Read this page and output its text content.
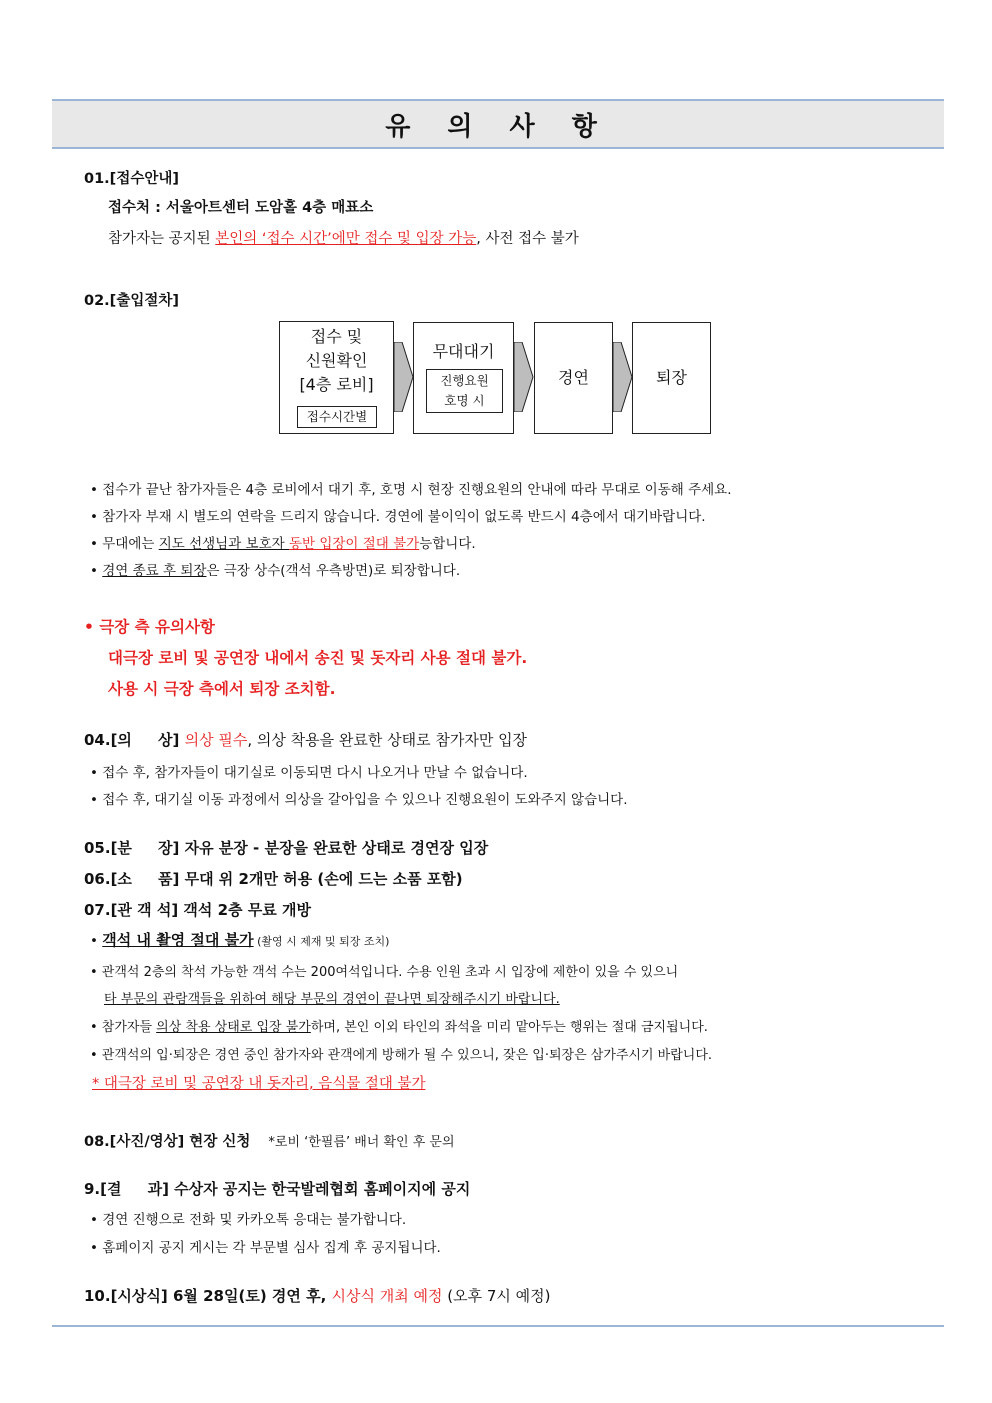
유 의 사 항
01.[접수안내]
접수처 : 서울아트센터 도암홀 4층 매표소
참가자는 공지된 본인의 ‘접수 시간’에만 접수 및 입장 가능, 사전 접수 불가
02.[출입절차]
접수 및
신원확인
[4층 로비]
접수시간별
무대대기
진행요원
호명 시
경연	퇴장
• 접수가 끝난 참가자들은 4층 로비에서 대기 후, 호명 시 현장 진행요원의 안내에 따라 무대로 이동해 주세요.
• 참가자 부재 시 별도의 연락을 드리지 않습니다. 경연에 불이익이 없도록 반드시 4층에서 대기바랍니다.
• 무대에는 지도 선생님과 보호자 동반 입장이 절대 불가능합니다.
• 경연 종료 후 퇴장은 극장 상수(객석 우측방면)로 퇴장합니다.
• 극장 측 유의사항
대극장 로비 및 공연장 내에서 송진 및 돗자리 사용 절대 불가.
사용 시 극장 측에서 퇴장 조치함.
04.[의     상] 의상 필수, 의상 착용을 완료한 상태로 참가자만 입장
• 접수 후, 참가자들이 대기실로 이동되면 다시 나오거나 만날 수 없습니다.
• 접수 후, 대기실 이동 과정에서 의상을 갈아입을 수 있으나 진행요원이 도와주지 않습니다.
05.[분     장] 자유 분장 - 분장을 완료한 상태로 경연장 입장
06.[소     품] 무대 위 2개만 허용 (손에 드는 소품 포함)
07.[관 객 석] 객석 2층 무료 개방
• 객석 내 촬영 절대 불가 (촬영 시 제재 및 퇴장 조치)
• 관객석 2층의 착석 가능한 객석 수는 200여석입니다. 수용 인원 초과 시 입장에 제한이 있을 수 있으니
타 부문의 관람객들을 위하여 해당 부문의 경연이 끝나면 퇴장해주시기 바랍니다.
• 참가자들 의상 착용 상태로 입장 불가하며, 본인 이외 타인의 좌석을 미리 맡아두는 행위는 절대 금지됩니다.
• 관객석의 입·퇴장은 경연 중인 참가자와 관객에게 방해가 될 수 있으니, 잦은 입·퇴장은 삼가주시기 바랍니다.
* 대극장 로비 및 공연장 내 돗자리, 음식물 절대 불가
08.[사진/영상] 현장 신청 *로비 ‘한필름’ 배너 확인 후 문의
9.[결     과] 수상자 공지는 한국발레협회 홈페이지에 공지
• 경연 진행으로 전화 및 카카오톡 응대는 불가합니다.
• 홈페이지 공지 게시는 각 부문별 심사 집계 후 공지됩니다.
10.[시상식] 6월 28일(토) 경연 후, 시상식 개최 예정 (오후 7시 예정)
